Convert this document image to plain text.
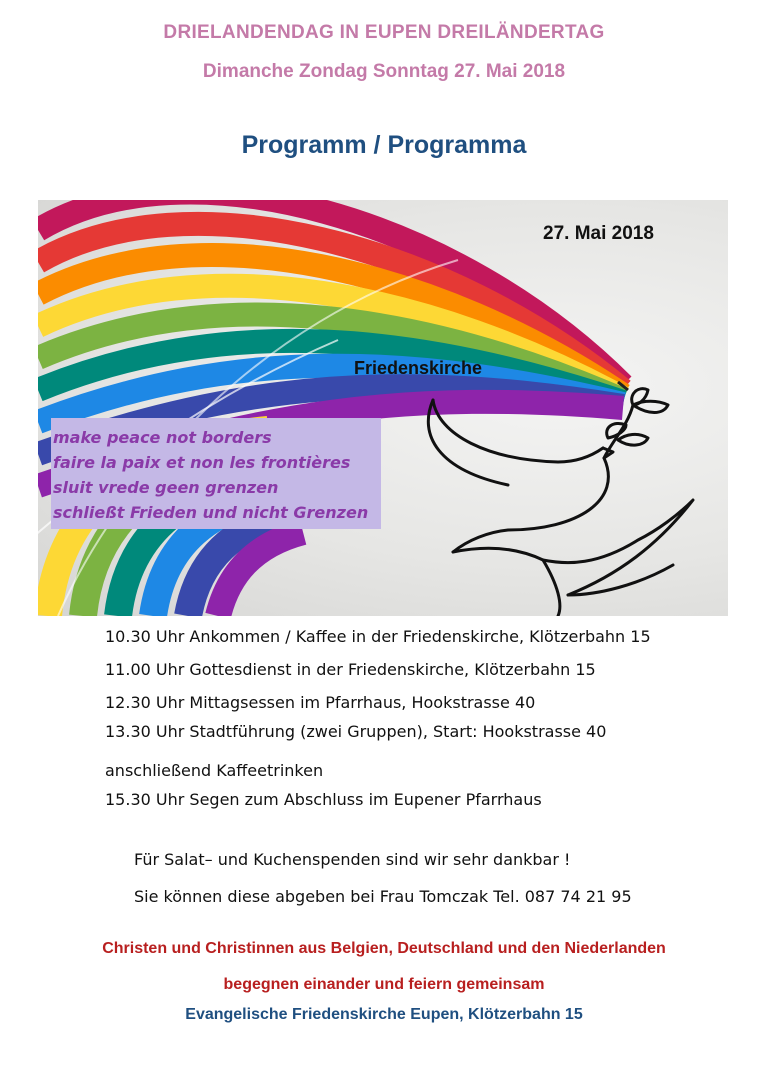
DRIELANDENDAG IN EUPEN DREILÄNDERTAG
Dimanche Zondag Sonntag 27. Mai 2018
Programm / Programma
27. Mai 2018
Friedenskirche
make peace not borders
faire la paix et non les frontières
sluit vrede geen grenzen
schließt Frieden und nicht Grenzen
10.30 Uhr Ankommen / Kaffee in der Friedenskirche, Klötzerbahn 15
11.00 Uhr Gottesdienst in der Friedenskirche, Klötzerbahn 15
12.30 Uhr Mittagsessen im Pfarrhaus, Hookstrasse 40
13.30 Uhr Stadtführung (zwei Gruppen), Start: Hookstrasse 40
anschließend Kaffeetrinken
15.30 Uhr Segen zum Abschluss im Eupener Pfarrhaus
Für Salat– und Kuchenspenden sind wir sehr dankbar !
Sie können diese abgeben bei Frau Tomczak Tel. 087 74 21 95
Christen und Christinnen aus Belgien, Deutschland und den Niederlanden
begegnen einander und feiern gemeinsam
Evangelische Friedenskirche Eupen, Klötzerbahn 15
